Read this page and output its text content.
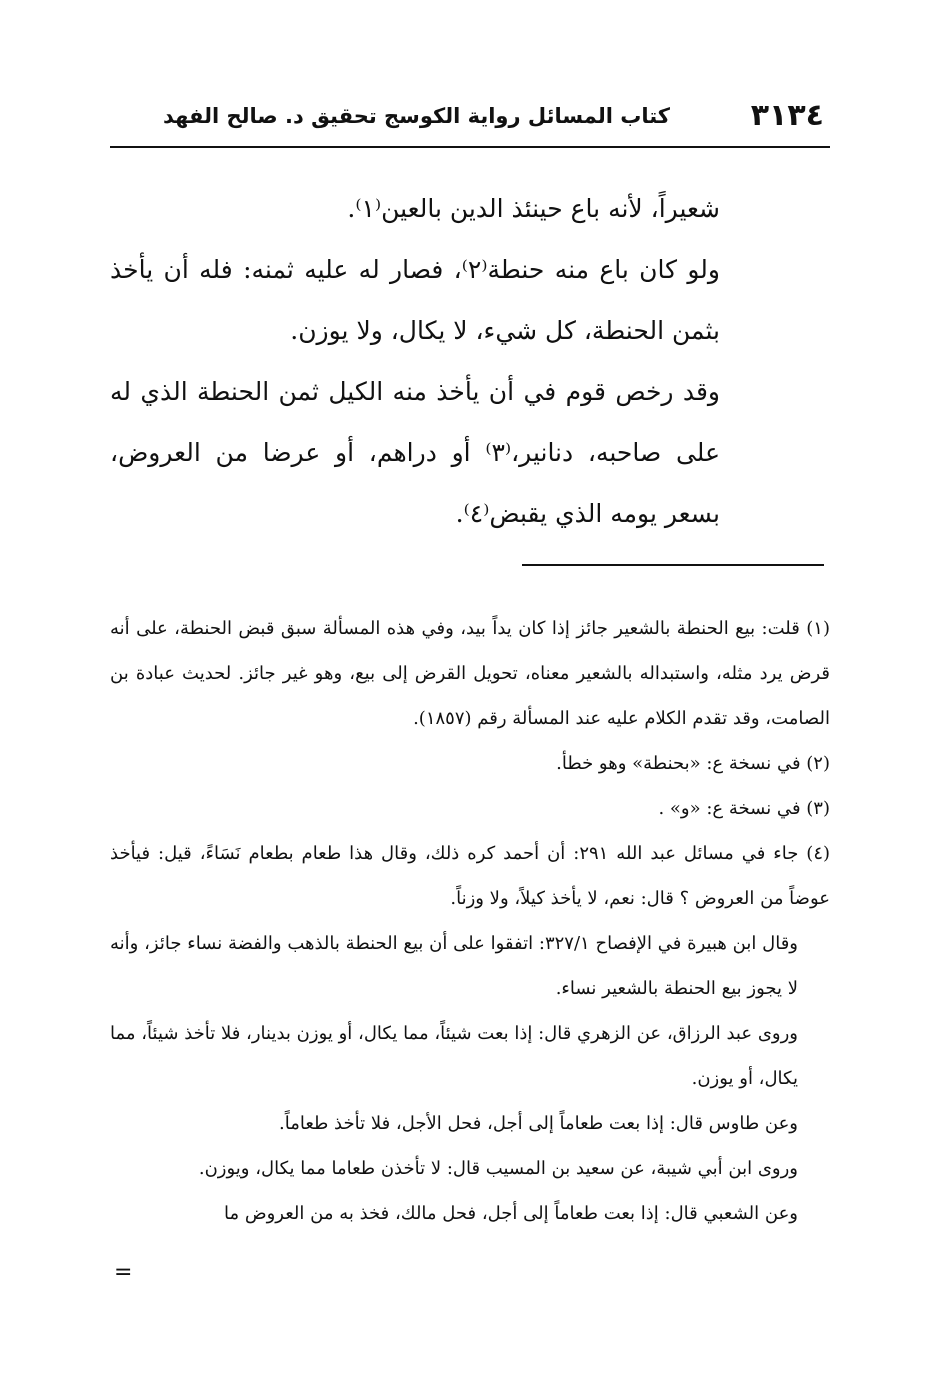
٣١٣٤
كتاب المسائل رواية الكوسج تحقيق د. صالح الفهد

شعيراً، لأنه باع حينئذ الدين بالعين⁽١⁾.

ولو كان باع منه حنطة⁽٢⁾، فصار له عليه ثمنه: فله أن يأخذ بثمن الحنطة، كل شيء، لا يكال، ولا يوزن.

وقد رخص قوم في أن يأخذ منه الكيل ثمن الحنطة الذي له على صاحبه، دنانير،⁽٣⁾ أو دراهم، أو عرضا من العروض، بسعر يومه الذي يقبض⁽٤⁾.

(١) قلت: بيع الحنطة بالشعير جائز إذا كان يداً بيد، وفي هذه المسألة سبق قبض الحنطة، على أنه قرض يرد مثله، واستبداله بالشعير معناه، تحويل القرض إلى بيع، وهو غير جائز. لحديث عبادة بن الصامت، وقد تقدم الكلام عليه عند المسألة رقم (١٨٥٧).

(٢) في نسخة ع: «بحنطة» وهو خطأ.

(٣) في نسخة ع: «و» .

(٤) جاء في مسائل عبد الله ٢٩١: أن أحمد كره ذلك، وقال هذا طعام بطعام نَسَاءً، قيل: فيأخذ عوضاً من العروض ؟ قال: نعم، لا يأخذ كيلاً، ولا وزناً.

وقال ابن هبيرة في الإفصاح ٣٢٧/١: اتفقوا على أن بيع الحنطة بالذهب والفضة نساء جائز، وأنه لا يجوز بيع الحنطة بالشعير نساء.

وروى عبد الرزاق، عن الزهري قال: إذا بعت شيئاً، مما يكال، أو يوزن بدينار، فلا تأخذ شيئاً، مما يكال، أو يوزن.

وعن طاوس قال: إذا بعت طعاماً إلى أجل، فحل الأجل، فلا تأخذ طعاماً.

وروى ابن أبي شيبة، عن سعيد بن المسيب قال: لا تأخذن طعاما مما يكال، ويوزن.

وعن الشعبي قال: إذا بعت طعاماً إلى أجل، فحل مالك، فخذ به من العروض ما

=
